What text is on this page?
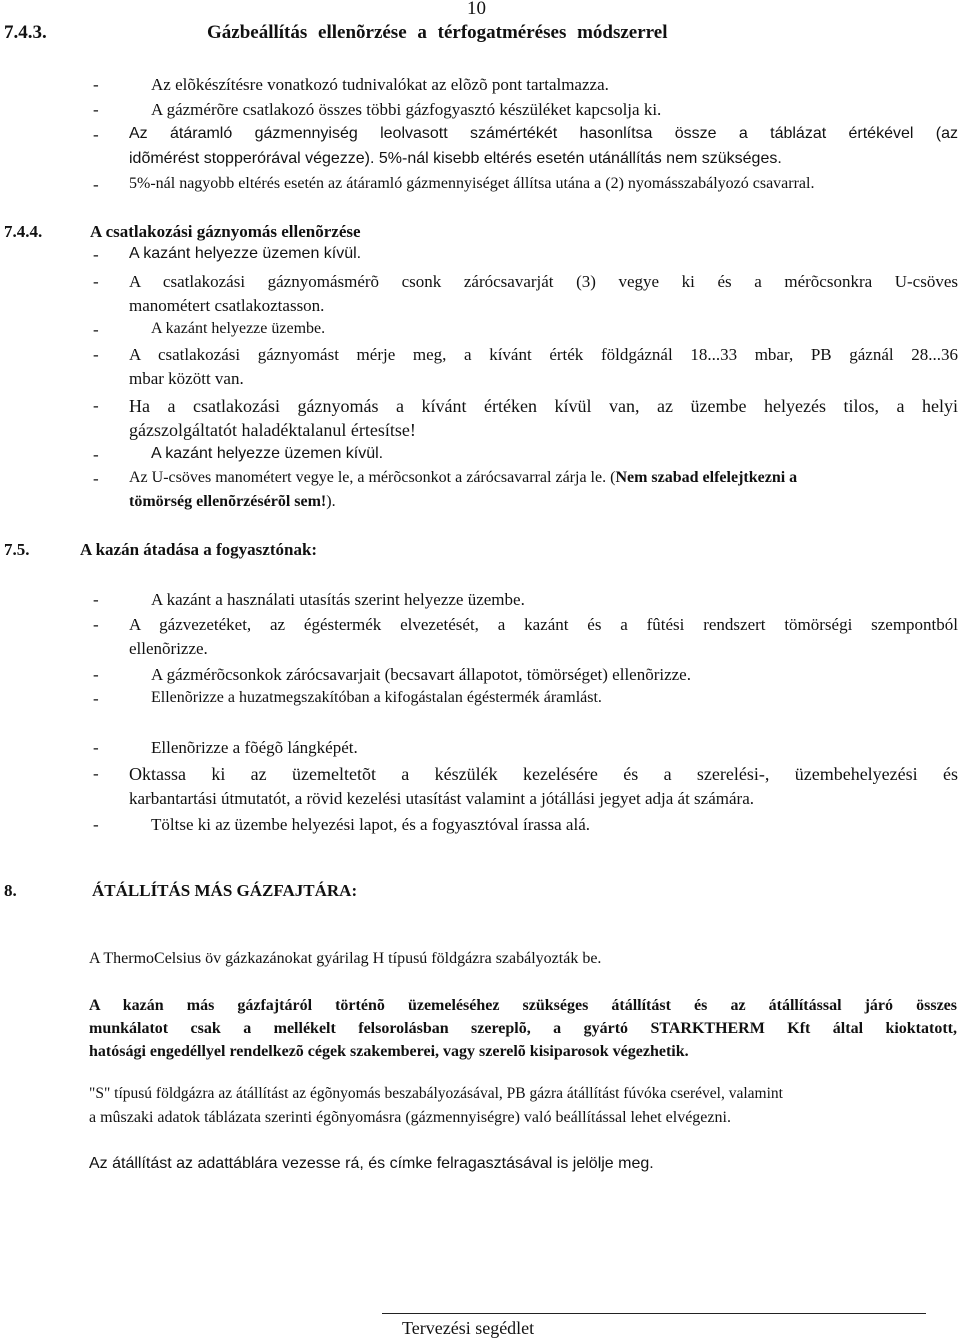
10
7.4.3.	Gázbeállítás ellenõrzése a térfogatméréses módszerrel
-	Az elõkészítésre vonatkozó tudnivalókat az elõzõ pont tartalmazza.
-	A gázmérõre csatlakozó összes többi gázfogyasztó készüléket kapcsolja ki.
- Az átáramló gázmennyiség leolvasott számértékét hasonlítsa össze a táblázat értékével (az
idõmérést stopperórával végezze). 5%-nál kisebb eltérés esetén utánállítás nem szükséges.
- 5%-nál nagyobb eltérés esetén az átáramló gázmennyiséget állítsa utána a (2) nyomásszabályozó csavarral.
7.4.4.	A csatlakozási gáznyomás ellenõrzése
- A kazánt helyezze üzemen kívül.
- A csatlakozási gáznyomásmérõ csonk zárócsavarját (3) vegye ki és a mérõcsonkra U-csöves
manométert csatlakoztasson.
-	A kazánt helyezze üzembe.
- A csatlakozási gáznyomást mérje meg, a kívánt érték földgáznál 18...33 mbar, PB gáznál 28...36
mbar között van.
- Ha a csatlakozási gáznyomás a kívánt értéken kívül van, az üzembe helyezés tilos, a helyi
gázszolgáltatót haladéktalanul értesítse!
-	A kazánt helyezze üzemen kívül.
- Az U-csöves manométert vegye le, a mérõcsonkot a zárócsavarral zárja le. (Nem szabad elfelejtkezni a
tömörség ellenõrzésérõl sem!).
7.5.	A kazán átadása a fogyasztónak:
-	A kazánt a használati utasítás szerint helyezze üzembe.
- A gázvezetéket, az égéstermék elvezetését, a kazánt és a fûtési rendszert tömörségi szempontból
ellenõrizze.
-	A gázmérõcsonkok zárócsavarjait (becsavart állapotot, tömörséget) ellenõrizze.
-	Ellenõrizze a huzatmegszakítóban a kifogástalan égéstermék áramlást.
-	Ellenõrizze a fõégõ lángképét.
- Oktassa ki az üzemeltetõt a készülék kezelésére és a szerelési-, üzembehelyezési és
karbantartási útmutatót, a rövid kezelési utasítást valamint a jótállási jegyet adja át számára.
-	Töltse ki az üzembe helyezési lapot, és a fogyasztóval írassa alá.
8.	ÁTÁLLÍTÁS MÁS GÁZFAJTÁRA:
A ThermoCelsius öv gázkazánokat gyárilag H típusú földgázra szabályozták be.
A kazán más gázfajtáról történõ üzemeléséhez szükséges átállítást és az átállítással járó összes
munkálatot csak a mellékelt felsorolásban szereplõ, a gyártó STARKTHERM Kft által kioktatott,
hatósági engedéllyel rendelkezõ cégek szakemberei, vagy szerelõ kisiparosok végezhetik.
"S" típusú földgázra az átállítást az égõnyomás beszabályozásával, PB gázra átállítást fúvóka cserével, valamint
a mûszaki adatok táblázata szerinti égõnyomásra (gázmennyiségre) való beállítással lehet elvégezni.
Az átállítást az adattáblára vezesse rá, és címke felragasztásával is jelölje meg.
Tervezési segédlet
